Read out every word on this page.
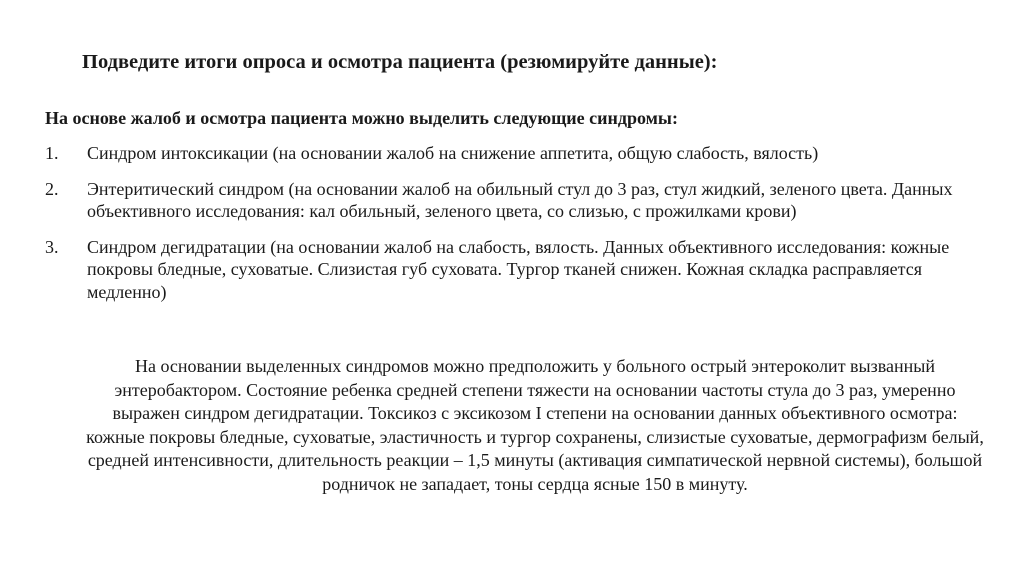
Подведите итоги опроса и осмотра пациента (резюмируйте данные):
На основе жалоб и осмотра пациента можно выделить следующие синдромы:
1. Синдром интоксикации (на основании жалоб на снижение аппетита, общую слабость, вялость)
2. Энтеритический синдром (на основании жалоб на обильный стул до 3 раз, стул жидкий, зеленого цвета. Данных объективного исследования: кал обильный, зеленого цвета, со слизью, с прожилками крови)
3. Синдром дегидратации (на основании жалоб на слабость, вялость. Данных объективного исследования: кожные покровы бледные, суховатые. Слизистая губ суховата. Тургор тканей снижен. Кожная складка расправляется медленно)
На основании выделенных синдромов можно предположить у больного острый энтероколит вызванный энтеробактором. Состояние ребенка средней степени тяжести на основании частоты стула до 3 раз, умеренно выражен синдром дегидратации. Токсикоз с эксикозом I степени на основании данных объективного осмотра: кожные покровы бледные, суховатые, эластичность и тургор сохранены, слизистые суховатые, дермографизм белый, средней интенсивности, длительность реакции – 1,5 минуты (активация симпатической нервной системы), большой родничок не западает, тоны сердца ясные 150 в минуту.
